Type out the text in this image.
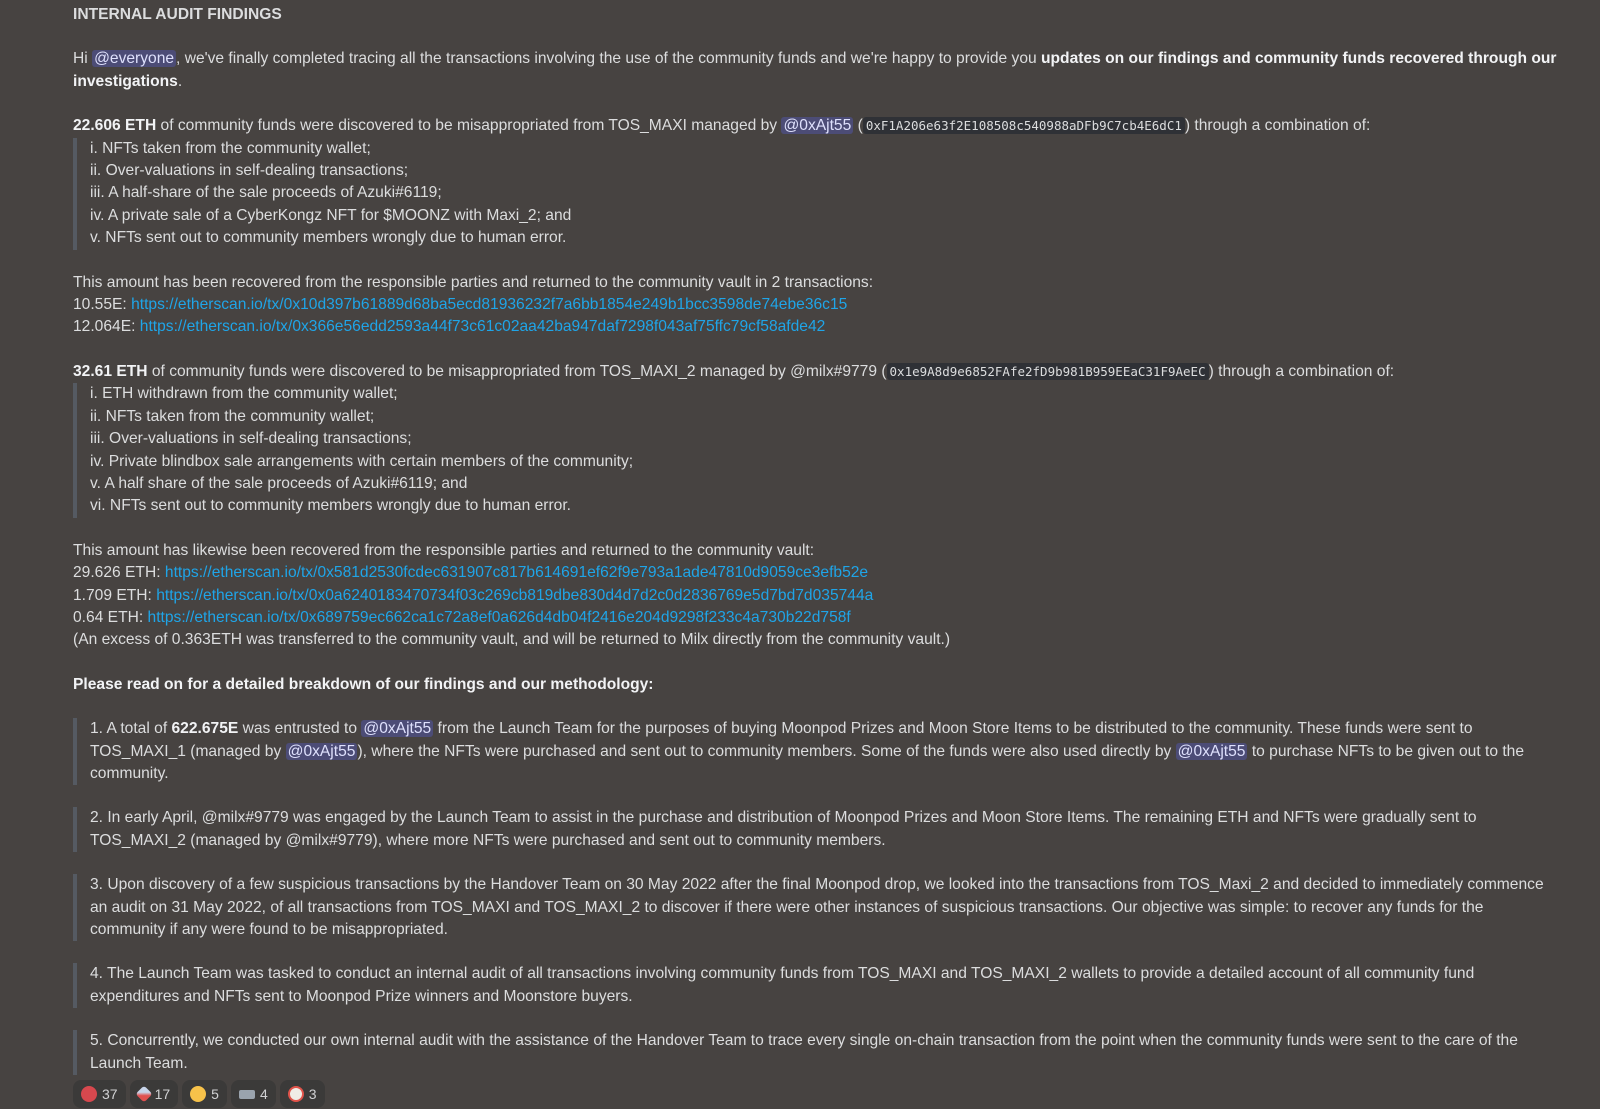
INTERNAL AUDIT FINDINGS

Hi @everyone , we've finally completed tracing all the transactions involving the use of the community funds and we're happy to provide you updates on our findings and community funds recovered through our investigations.

22.606 ETH of community funds were discovered to be misappropriated from TOS_MAXI managed by @0xAjt55 ( 0xF1A206e63f2E108508c540988aDFb9C7cb4E6dC1 ) through a combination of:

i. NFTs taken from the community wallet;

ii. Over-valuations in self-dealing transactions;

iii. A half-share of the sale proceeds of Azuki#6119;

iv. A private sale of a CyberKongz NFT for $MOONZ with Maxi_2; and

v. NFTs sent out to community members wrongly due to human error.

This amount has been recovered from the responsible parties and returned to the community vault in 2 transactions:

10.55E: https://etherscan.io/tx/0x10d397b61889d68ba5ecd81936232f7a6bb1854e249b1bcc3598de74ebe36c15

12.064E: https://etherscan.io/tx/0x366e56edd2593a44f73c61c02aa42ba947daf7298f043af75ffc79cf58afde42

32.61 ETH of community funds were discovered to be misappropriated from TOS_MAXI_2 managed by @milx#9779 ( 0x1e9A8d9e6852FAfe2fD9b981B959EEaC31F9AeEC ) through a combination of:

i. ETH withdrawn from the community wallet;

ii. NFTs taken from the community wallet;

iii. Over-valuations in self-dealing transactions;

iv. Private blindbox sale arrangements with certain members of the community;

v. A half share of the sale proceeds of Azuki#6119; and

vi. NFTs sent out to community members wrongly due to human error.

This amount has likewise been recovered from the responsible parties and returned to the community vault:

29.626 ETH: https://etherscan.io/tx/0x581d2530fcdec631907c817b614691ef62f9e793a1ade47810d9059ce3efb52e

1.709 ETH: https://etherscan.io/tx/0x0a6240183470734f03c269cb819dbe830d4d7d2c0d2836769e5d7bd7d035744a

0.64 ETH: https://etherscan.io/tx/0x689759ec662ca1c72a8ef0a626d4db04f2416e204d9298f233c4a730b22d758f

(An excess of 0.363ETH was transferred to the community vault, and will be returned to Milx directly from the community vault.)

Please read on for a detailed breakdown of our findings and our methodology:

1. A total of 622.675E was entrusted to @0xAjt55 from the Launch Team for the purposes of buying Moonpod Prizes and Moon Store Items to be distributed to the community. These funds were sent to TOS_MAXI_1 (managed by @0xAjt55 ), where the NFTs were purchased and sent out to community members. Some of the funds were also used directly by @0xAjt55 to purchase NFTs to be given out to the community.
2. In early April, @milx#9779 was engaged by the Launch Team to assist in the purchase and distribution of Moonpod Prizes and Moon Store Items. The remaining ETH and NFTs were gradually sent to TOS_MAXI_2 (managed by @milx#9779), where more NFTs were purchased and sent out to community members.
3. Upon discovery of a few suspicious transactions by the Handover Team on 30 May 2022 after the final Moonpod drop, we looked into the transactions from TOS_Maxi_2 and decided to immediately commence an audit on 31 May 2022, of all transactions from TOS_MAXI and TOS_MAXI_2 to discover if there were other instances of suspicious transactions. Our objective was simple: to recover any funds for the community if any were found to be misappropriated.
4. The Launch Team was tasked to conduct an internal audit of all transactions involving community funds from TOS_MAXI and TOS_MAXI_2 wallets to provide a detailed account of all community fund expenditures and NFTs sent to Moonpod Prize winners and Moonstore buyers.
5. Concurrently, we conducted our own internal audit with the assistance of the Handover Team to trace every single on-chain transaction from the point when the community funds were sent to the care of the Launch Team.
37	17	5	4	3
